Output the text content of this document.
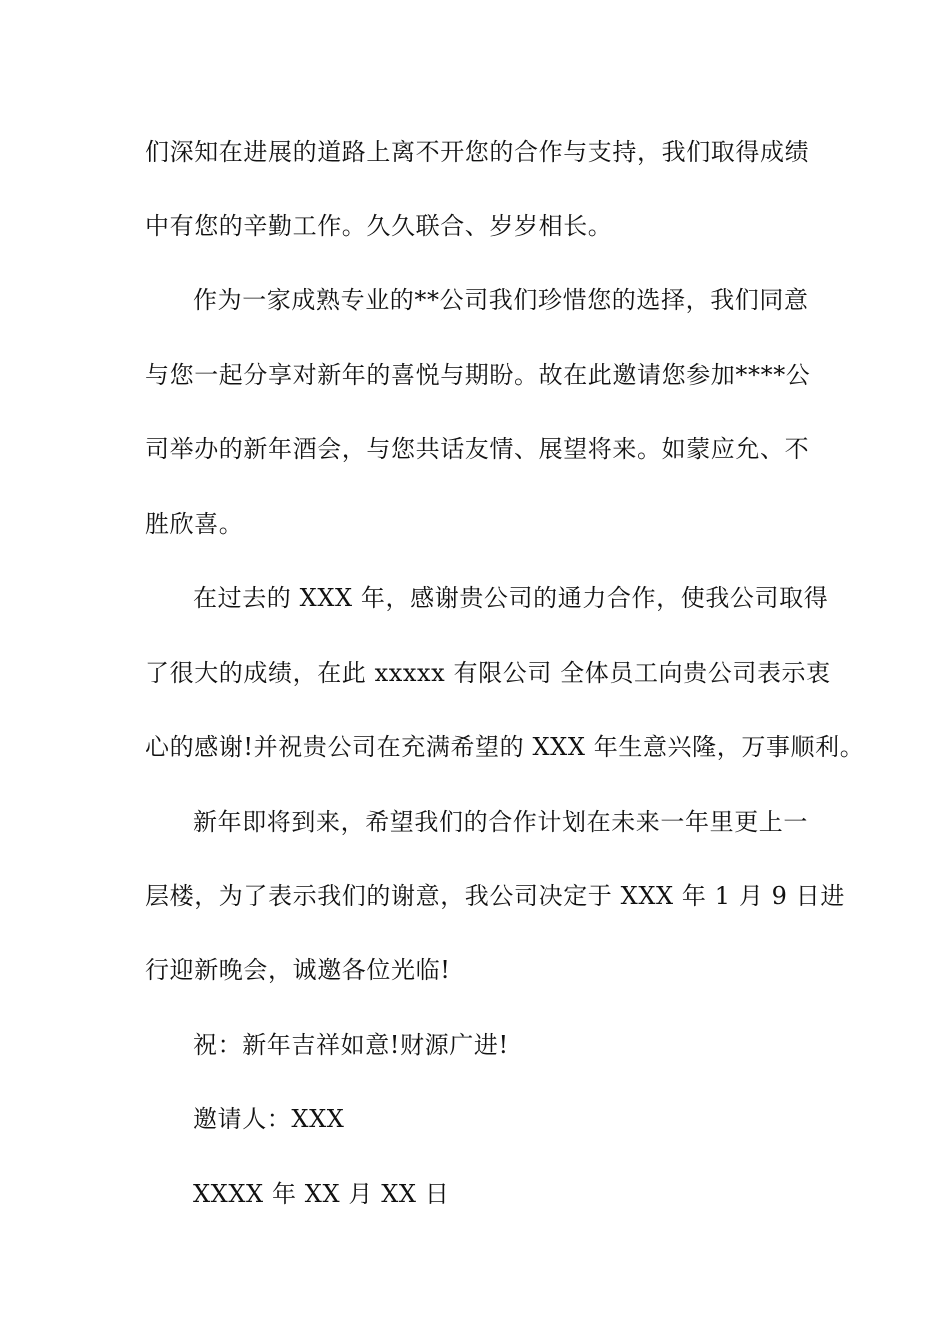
们深知在进展的道路上离不开您的合作与支持，我们取得成绩

中有您的辛勤工作。久久联合、岁岁相长。

作为一家成熟专业的**公司我们珍惜您的选择，我们同意

与您一起分享对新年的喜悦与期盼。故在此邀请您参加****公

司举办的新年酒会，与您共话友情、展望将来。如蒙应允、不

胜欣喜。

在过去的 XXX 年，感谢贵公司的通力合作，使我公司取得

了很大的成绩，在此 xxxxx 有限公司 全体员工向贵公司表示衷

心的感谢!并祝贵公司在充满希望的 XXX 年生意兴隆，万事顺利。

新年即将到来，希望我们的合作计划在未来一年里更上一

层楼，为了表示我们的谢意，我公司决定于 XXX 年 1 月 9 日进

行迎新晚会，诚邀各位光临!

祝：新年吉祥如意!财源广进!

邀请人：XXX

XXXX 年 XX 月 XX 日
